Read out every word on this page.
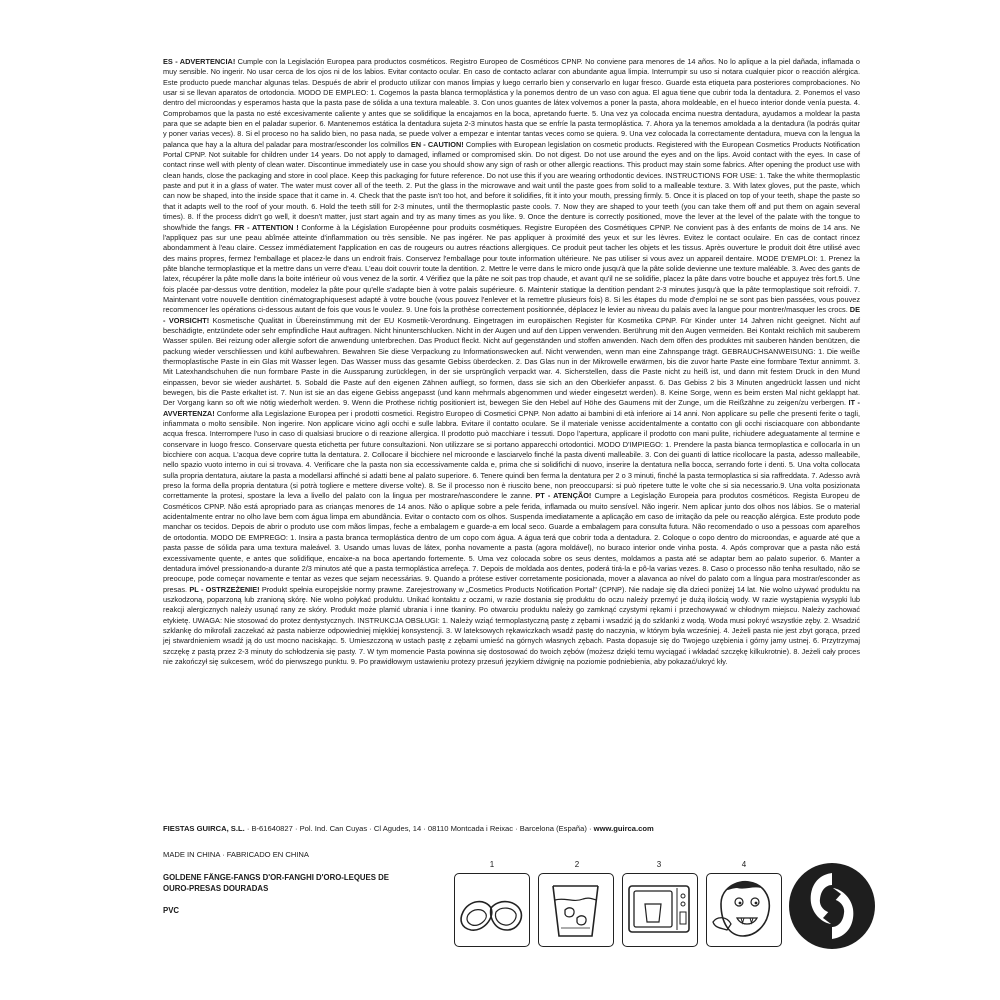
ES - ADVERTENCIA! Cumple con la Legislación Europea para productos cosméticos. Registro Europeo de Cosméticos CPNP. No conviene para menores de 14 años. No lo aplique a la piel dañada, inflamada o muy sensible. No ingerir. No usar cerca de los ojos ni de los labios. Evitar contacto ocular. En caso de contacto aclarar con abundante agua limpia. Interrumpir su uso si notara cualquier picor o reacción alérgica. Este producto puede manchar algunas telas. Después de abrir el producto utilizar con manos limpias y luego cerrarlo bien y conservarlo en lugar fresco. Guarde esta etiqueta para posteriores comprobaciones. No usar si se llevan aparatos de ortodoncia. MODO DE EMPLEO: 1. Cogemos la pasta blanca termoplástica y la ponemos dentro de un vaso con agua. El agua tiene que cubrir toda la dentadura. 2. Ponemos el vaso dentro del microondas y esperamos hasta que la pasta pase de sólida a una textura maleable. 3. Con unos guantes de látex volvemos a poner la pasta, ahora moldeable, en el hueco interior donde venía puesta. 4. Comprobamos que la pasta no esté excesivamente caliente y antes que se solidifique la encajamos en la boca, apretando fuerte. 5. Una vez ya colocada encima nuestra dentadura, ayudamos a moldear la pasta para que se adapte bien en el paladar superior. 6. Mantenemos estática la dentadura sujeta 2-3 minutos hasta que se enfríe la pasta termoplástica. 7. Ahora ya la tenemos amoldada a la dentadura (la podrás quitar y poner varias veces). 8. Si el proceso no ha salido bien, no pasa nada, se puede volver a empezar e intentar tantas veces como se quiera. 9. Una vez colocada la correctamente dentadura, mueva con la lengua la palanca que hay a la altura del paladar para mostrar/esconder los colmillos EN - CAUTION! Complies with European legislation on cosmetic products. Registered with the European Cosmetics Products Notification Portal CPNP. Not suitable for children under 14 years. Do not apply to damaged, inflamed or compromised skin. Do not digest. Do not use around the eyes and on the lips. Avoid contact with the eyes. In case of contact rinse well with plenty of clean water. Discontinue immediately use in case you should show any sign of rash or other allergic reactions. This product may stain some fabrics. After opening the product use with clean hands, close the packaging and store in cool place. Keep this packaging for future reference. Do not use this if you are wearing orthodontic devices. INSTRUCTIONS FOR USE: 1. Take the white thermoplastic paste and put it in a glass of water. The water must cover all of the teeth. 2. Put the glass in the microwave and wait until the paste goes from solid to a malleable texture. 3. With latex gloves, put the paste, which can now be shaped, into the inside space that it came in. 4. Check that the paste isn't too hot, and before it solidifies, fit it into your mouth, pressing firmly. 5. Once it is placed on top of your teeth, shape the paste so that it adapts well to the roof of your mouth. 6. Hold the teeth still for 2-3 minutes, until the thermoplastic paste cools. 7. Now they are shaped to your teeth (you can take them off and put them on again several times). 8. If the process didn't go well, it doesn't matter, just start again and try as many times as you like. 9. Once the denture is correctly positioned, move the lever at the level of the palate with the tongue to show/hide the fangs. FR - ATTENTION ! Conforme à la Législation Européenne pour produits cosmétiques. Registre Européen des Cosmétiques CPNP. Ne convient pas à des enfants de moins de 14 ans. Ne l'appliquez pas sur une peau abîmée atteinte d'inflammation ou très sensible. Ne pas ingérer. Ne pas appliquer à proximité des yeux et sur les lèvres. Evitez le contact oculaire. En cas de contact rincez abondamment à l'eau claire. Cessez immédiatement l'application en cas de rougeurs ou autres réactions allergiques. Ce produit peut tacher les objets et les tissus. Après ouverture le produit doit être utilisé avec des mains propres, fermez l'emballage et placez-le dans un endroit frais. Conservez l'emballage pour toute information ultérieure. Ne pas utiliser si vous avez un appareil dentaire. MODE D'EMPLOI: 1. Prenez la pâte blanche termoplastique et la mettre dans un verre d'eau. L'eau doit couvrir toute la dentition. 2. Mettre le verre dans le micro onde jusqu'à que la pâte solide devienne une texture maléable. 3. Avec des gants de latex, récupérer la pâte molle dans la boite intérieur où vous venez de la sortir. 4 Vérifiez que la pâte ne soit pas trop chaude, et avant qu'il ne se solidifie, placez la pâte dans votre bouche et appuyez très fort.5. Une fois placée par-dessus votre dentition, modelez la pâte pour qu'elle s'adapte bien à votre palais supérieure. 6. Maintenir statique la dentition pendant 2-3 minutes jusqu'à que la pâte termoplastique soit refroidi. 7. Maintenant votre nouvelle dentition cinématographiquesest adapté à votre bouche (vous pouvez l'enlever et la remettre plusieurs fois) 8. Si les étapes du mode d'emploi ne se sont pas bien passées, vous pouvez recommencer les opérations ci-dessous autant de fois que vous le voulez. 9. Une fois la prothèse correctement positionnée, déplacez le levier au niveau du palais avec la langue pour montrer/masquer les crocs. DE - VORSICHT! Kosmetische Qualität in Übereinstimmung mit der EU Kosmetik-Verordnung. Eingetragen im europäischen Register für Kosmetika CPNP. Für Kinder unter 14 Jahren nicht geeignet. Nicht auf beschädigte, entzündete oder sehr empfindliche Haut auftragen. Nicht hinunterschlucken. Nicht in der Augen und auf den Lippen verwenden. Berührung mit den Augen vermeiden. Bei Kontakt reichlich mit sauberem Wasser spülen. Bei reizung oder allergie sofort die anwendung unterbrechen. Das Product fleckt. Nicht auf gegenständen und stoffen anwenden. Nach dem öffen des produktes mit sauberen händen benützen, die packung wieder verschliessen und kühl aufbewahren. Bewahren Sie diese Verpackung zu Informationswecken auf. Nicht verwenden, wenn man eine Zahnspange trägt. GEBRAUCHSANWEISUNG: 1. Die weiße thermoplastische Paste in ein Glas mit Wasser legen. Das Wasser muss das gesamte Gebiss überdecken. 2. Das Glas nun in der Mikrowelle erwärmen, bis die zuvor harte Paste eine formbare Textur annimmt. 3. Mit Latexhandschuhen die nun formbare Paste in die Aussparung zurücklegen, in der sie ursprünglich verpackt war. 4. Sicherstellen, dass die Paste nicht zu heiß ist, und dann mit festem Druck in den Mund einpassen, bevor sie wieder aushärtet. 5. Sobald die Paste auf den eigenen Zähnen aufliegt, so formen, dass sie sich an den Oberkiefer anpasst. 6. Das Gebiss 2 bis 3 Minuten angedrückt lassen und nicht bewegen, bis die Paste erkaltet ist. 7. Nun ist sie an das eigene Gebiss angepasst (und kann mehrmals abgenommen und wieder eingesetzt werden). 8. Keine Sorge, wenn es beim ersten Mal nicht geklappt hat. Der Vorgang kann so oft wie nötig wiederholt werden. 9. Wenn die Prothese richtig positioniert ist, bewegen Sie den Hebel auf Höhe des Gaumens mit der Zunge, um die Reißzähne zu zeigen/zu verbergen. IT - AVVERTENZA! Conforme alla Legislazione Europea per i prodotti cosmetici. Registro Europeo di Cosmetici CPNP. Non adatto ai bambini di età inferiore ai 14 anni. Non applicare su pelle che presenti ferite o tagli, infiammata o molto sensibile. Non ingerire. Non applicare vicino agli occhi e sulle labbra. Evitare il contatto oculare. Se il materiale venisse accidentalmente a contatto con gli occhi risciacquare con abbondante acqua fresca. Interrompere l'uso in caso di qualsiasi bruciore o di reazione allergica. Il prodotto può macchiare i tessuti. Dopo l'apertura, applicare il prodotto con mani pulite, richiudere adeguatamente al termine e conservare in luogo fresco. Conservare questa etichetta per future consultazioni. Non utilizzare se si portano apparecchi ortodontici. MODO D'IMPIEGO: 1. Prendere la pasta bianca termoplastica e collocarla in un bicchiere con acqua. L'acqua deve coprire tutta la dentatura. 2. Collocare il bicchiere nel microonde e lasciarvelo finché la pasta diventi malleabile. 3. Con dei guanti di lattice ricollocare la pasta, adesso malleabile, nello spazio vuoto interno in cui si trovava. 4. Verificare che la pasta non sia eccessivamente calda e, prima che si solidifichi di nuovo, inserire la dentatura nella bocca, serrando forte i denti. 5. Una volta collocata sulla propria dentatura, aiutare la pasta a modellarsi affinché si adatti bene al palato superiore. 6. Tenere quindi ben ferma la dentatura per 2 o 3 minuti, finché la pasta termoplastica si sia raffreddata. 7. Adesso avrà preso la forma della propria dentatura (si potrà togliere e mettere diverse volte). 8. Se il processo non è riuscito bene, non preoccuparsi: si può ripetere tutte le volte che si sia necessario.9. Una volta posizionata correttamente la protesi, spostare la leva a livello del palato con la lingua per mostrare/nascondere le zanne. PT - ATENÇÃO! Cumpre a Legislação Europeia para produtos cosméticos. Regista Europeu de Cosméticos CPNP. Não está apropriado para as crianças menores de 14 anos. Não o aplique sobre a pele ferida, inflamada ou muito sensível. Não ingerir. Nem aplicar junto dos olhos nos lábios. Se o material acidentalmente entrar no olho lave bem com água limpa em abundância. Evitar o contacto com os olhos. Suspenda imediatamente a aplicação em caso de irritação da pele ou reacção alérgica. Este produto pode manchar os tecidos. Depois de abrir o produto use com mãos limpas, feche a embalagem e guarde-a em local seco. Guarde a embalagem para consulta futura. Não recomendado o uso a pessoas com aparelhos de ortodontia. MODO DE EMPREGO: 1. Insira a pasta branca termoplástica dentro de um copo com água. A água terá que cobrir toda a dentadura. 2. Coloque o copo dentro do microondas, e aguarde até que a pasta passe de sólida para uma textura maleável. 3. Usando umas luvas de látex, ponha novamente a pasta (agora moldável), no buraco interior onde vinha posta. 4. Após comprovar que a pasta não está excessivamente quente, e antes que solidifique, encaixe-a na boca apertando fortemente. 5. Uma vez colocada sobre os seus dentes, moldamos a pasta até se adaptar bem ao palato superior. 6. Manter a dentadura imóvel pressionando-a durante 2/3 minutos até que a pasta termoplástica arrefeça. 7. Depois de moldada aos dentes, poderá tirá-la e pô-la varias vezes. 8. Caso o processo não tenha resultado, não se preocupe, pode começar novamente e tentar as vezes que sejam necessárias. 9. Quando a prótese estiver corretamente posicionada, mover a alavanca ao nível do palato com a língua para mostrar/esconder as presas. PL - OSTRZEŻENIE! Produkt spełnia europejskie normy prawne. Zarejestrowany w „Cosmetics Products Notification Portal" (CPNP). Nie nadaje się dla dzieci poniżej 14 lat. Nie wolno używać produktu na uszkodzoną, poparzoną lub zranioną skórę. Nie wolno połykać produktu. Unikać kontaktu z oczami, w razie dostania się produktu do oczu należy przemyć je dużą ilością wody. W razie wystąpienia wysypki lub reakcji alergicznych należy usunąć rany ze skóry. Produkt może plamić ubrania i inne tkaniny. Po otwarciu produktu należy go zamknąć czystymi rękami i przechowywać w chłodnym miejscu. Należy zachować etykietę. UWAGA: Nie stosować do protez dentystycznych. INSTRUKCJA OBSŁUGI: 1. Należy wziąć termoplastyczną pastę z zębami i wsadzić ją do szklanki z wodą. Woda musi pokryć wszystkie zęby. 2. Wsadzić szklankę do mikrofali zaczekać aż pasta nabierze odpowiedniej miękkiej konsystencji. 3. W lateksowych rękawiczkach wsadź pastę do naczynia, w którym była wcześniej. 4. Jeżeli pasta nie jest zbyt gorąca, przed jej stwardnieniem wsadź ją do ust mocno naciskając. 5. Umieszczoną w ustach pastę z zębami umieść na górnych własnych zębach. Pasta dopasuje się do Twojego uzębienia i górny jamy ustnej. 6. Przytrzymaj szczękę z pastą przez 2-3 minuty do schłodzenia się pasty. 7. W tym momencie Pasta powinna się dostosować do twoich zębów (możesz dzięki temu wyciągać i wkładać szczękę kilkukrotnie). 8. Jeżeli cały proces nie zakończył się sukcesem, wróć do pierwszego punktu. 9. Po prawidłowym ustawieniu protezy przesuń językiem dźwignię na poziomie podniebienia, aby pokazać/ukryć kły.
FIESTAS GUIRCA, S.L. · B-61640827 · Pol. Ind. Can Cuyas · Cl Agudes, 14 · 08110 Montcada i Reixac · Barcelona (España) · www.guirca.com
MADE IN CHINA · FABRICADO EN CHINA
GOLDENE FÄNGE-FANGS D'OR-FANGHI D'ORO-LEQUES DE OURO-PRESAS DOURADAS
PVC
1	2	3	4
